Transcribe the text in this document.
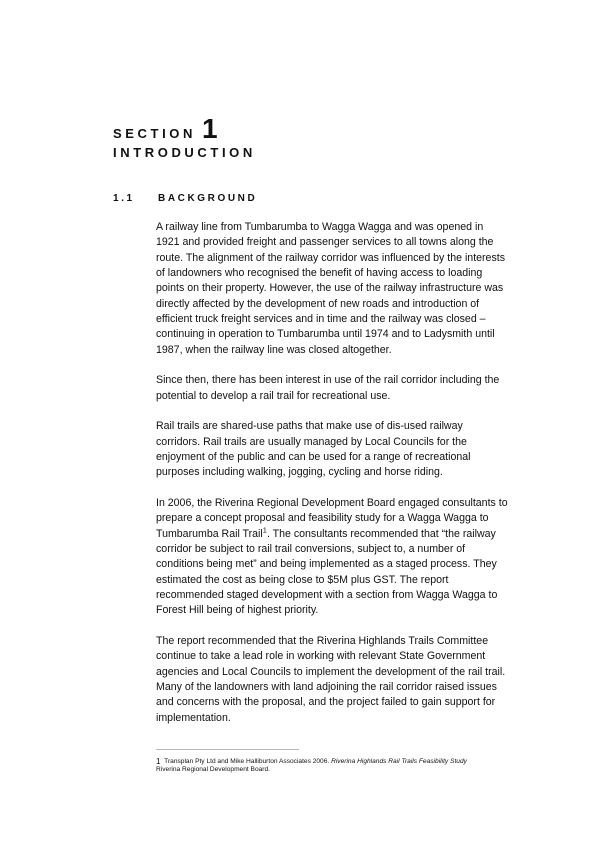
SECTION 1
INTRODUCTION
1.1	BACKGROUND

A railway line from Tumbarumba to Wagga Wagga and was opened in
1921 and provided freight and passenger services to all towns along the
route. The alignment of the railway corridor was influenced by the interests
of landowners who recognised the benefit of having access to loading
points on their property. However, the use of the railway infrastructure was
directly affected by the development of new roads and introduction of
efficient truck freight services and in time and the railway was closed –
continuing in operation to Tumbarumba until 1974 and to Ladysmith until
1987, when the railway line was closed altogether.

Since then, there has been interest in use of the rail corridor including the
potential to develop a rail trail for recreational use.

Rail trails are shared-use paths that make use of dis-used railway
corridors. Rail trails are usually managed by Local Councils for the
enjoyment of the public and can be used for a range of recreational
purposes including walking, jogging, cycling and horse riding.

In 2006, the Riverina Regional Development Board engaged consultants to
prepare a concept proposal and feasibility study for a Wagga Wagga to
Tumbarumba Rail Trail$^1$. The consultants recommended that “the railway
corridor be subject to rail trail conversions, subject to, a number of
conditions being met” and being implemented as a staged process. They
estimated the cost as being close to $5M plus GST. The report
recommended staged development with a section from Wagga Wagga to
Forest Hill being of highest priority.

The report recommended that the Riverina Highlands Trails Committee
continue to take a lead role in working with relevant State Government
agencies and Local Councils to implement the development of the rail trail.
Many of the landowners with land adjoining the rail corridor raised issues
and concerns with the proposal, and the project failed to gain support for
implementation.

1 Transplan Pty Ltd and Mike Halliburton Associates 2006. Riverina Highlands Rail Trails Feasibility Study
Riverina Regional Development Board.
